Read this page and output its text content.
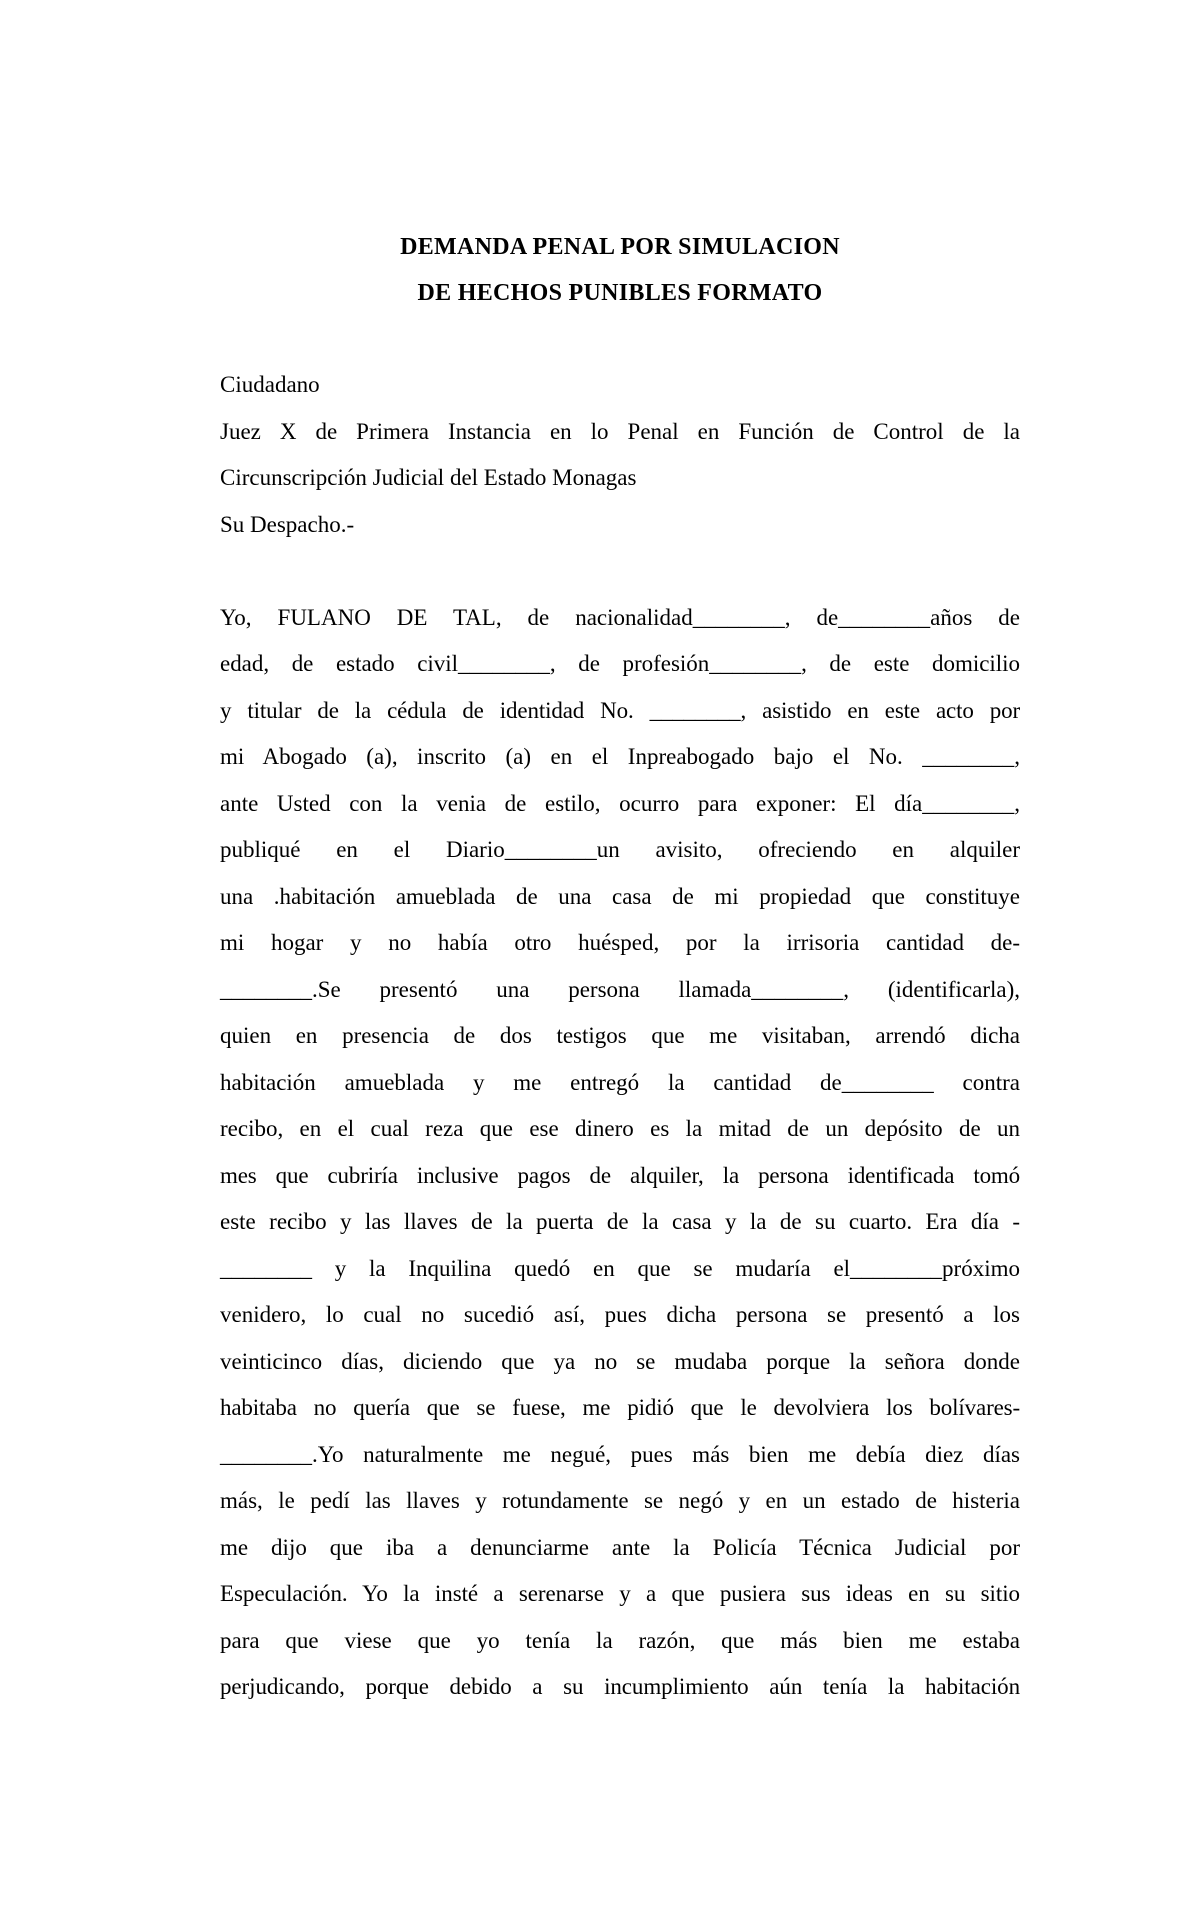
DEMANDA PENAL POR SIMULACION
DE HECHOS PUNIBLES FORMATO
Ciudadano
Juez X de Primera Instancia en lo Penal en Función de Control de la
Circunscripción Judicial del Estado Monagas
Su Despacho.-
Yo, FULANO DE TAL, de nacionalidad________, de________años de
edad, de estado civil________, de profesión________, de este domicilio
y titular de la cédula de identidad No. ________, asistido en este acto por
mi Abogado (a), inscrito (a) en el Inpreabogado bajo el No. ________,
ante Usted con la venia de estilo, ocurro para exponer: El día________,
publiqué en el Diario________un avisito, ofreciendo en alquiler
una .habitación amueblada de una casa de mi propiedad que constituye
mi hogar y no había otro huésped, por la irrisoria cantidad de-
________.Se presentó una persona llamada________, (identificarla),
quien en presencia de dos testigos que me visitaban, arrendó dicha
habitación amueblada y me entregó la cantidad de________ contra
recibo, en el cual reza que ese dinero es la mitad de un depósito de un
mes que cubriría inclusive pagos de alquiler, la persona identificada tomó
este recibo y las llaves de la puerta de la casa y la de su cuarto. Era día -
________ y la Inquilina quedó en que se mudaría el________próximo
venidero, lo cual no sucedió así, pues dicha persona se presentó a los
veinticinco días, diciendo que ya no se mudaba porque la señora donde
habitaba no quería que se fuese, me pidió que le devolviera los bolívares-
________.Yo naturalmente me negué, pues más bien me debía diez días
más, le pedí las llaves y rotundamente se negó y en un estado de histeria
me dijo que iba a denunciarme ante la Policía Técnica Judicial por
Especulación. Yo la insté a serenarse y a que pusiera sus ideas en su sitio
para que viese que yo tenía la razón, que más bien me estaba
perjudicando, porque debido a su incumplimiento aún tenía la habitación
